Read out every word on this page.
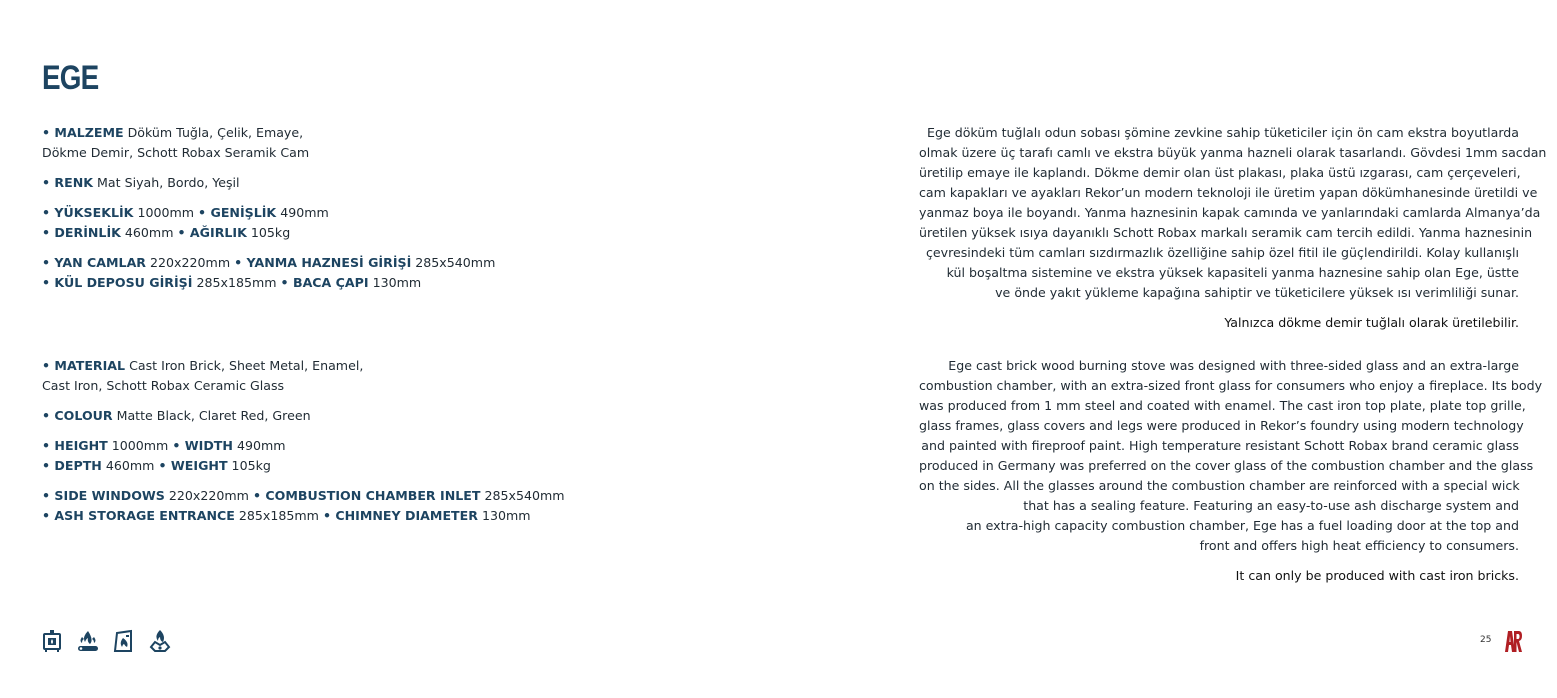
EGE
• MALZEME Döküm Tuğla, Çelik, Emaye,
Dökme Demir, Schott Robax Seramik Cam
• RENK Mat Siyah, Bordo, Yeşil
• YÜKSEKLİK 1000mm • GENİŞLİK 490mm
• DERİNLİK 460mm • AĞIRLIK 105kg
• YAN CAMLAR 220x220mm • YANMA HAZNESİ GİRİŞİ 285x540mm
• KÜL DEPOSU GİRİŞİ 285x185mm • BACA ÇAPI 130mm
• MATERIAL Cast Iron Brick, Sheet Metal, Enamel,
Cast Iron, Schott Robax Ceramic Glass
• COLOUR Matte Black, Claret Red, Green
• HEIGHT 1000mm • WIDTH 490mm
• DEPTH 460mm • WEIGHT 105kg
• SIDE WINDOWS 220x220mm • COMBUSTION CHAMBER INLET 285x540mm
• ASH STORAGE ENTRANCE 285x185mm • CHIMNEY DIAMETER 130mm
Ege döküm tuğlalı odun sobası şömine zevkine sahip tüketiciler için ön cam ekstra boyutlarda
olmak üzere üç tarafı camlı ve ekstra büyük yanma hazneli olarak tasarlandı. Gövdesi 1mm sacdan
üretilip emaye ile kaplandı. Dökme demir olan üst plakası, plaka üstü ızgarası, cam çerçeveleri,
cam kapakları ve ayakları Rekor’un modern teknoloji ile üretim yapan dökümhanesinde üretildi ve
yanmaz boya ile boyandı. Yanma haznesinin kapak camında ve yanlarındaki camlarda Almanya’da
üretilen yüksek ısıya dayanıklı Schott Robax markalı seramik cam tercih edildi. Yanma haznesinin
çevresindeki tüm camları sızdırmazlık özelliğine sahip özel fitil ile güçlendirildi. Kolay kullanışlı
kül boşaltma sistemine ve ekstra yüksek kapasiteli yanma haznesine sahip olan Ege, üstte
ve önde yakıt yükleme kapağına sahiptir ve tüketicilere yüksek ısı verimliliği sunar.
Yalnızca dökme demir tuğlalı olarak üretilebilir.
Ege cast brick wood burning stove was designed with three-sided glass and an extra-large
combustion chamber, with an extra-sized front glass for consumers who enjoy a fireplace. Its body
was produced from 1 mm steel and coated with enamel. The cast iron top plate, plate top grille,
glass frames, glass covers and legs were produced in Rekor’s foundry using modern technology
and painted with fireproof paint. High temperature resistant Schott Robax brand ceramic glass
produced in Germany was preferred on the cover glass of the combustion chamber and the glass
on the sides. All the glasses around the combustion chamber are reinforced with a special wick
that has a sealing feature. Featuring an easy-to-use ash discharge system and
an extra-high capacity combustion chamber, Ege has a fuel loading door at the top and
front and offers high heat efficiency to consumers.
It can only be produced with cast iron bricks.
25
